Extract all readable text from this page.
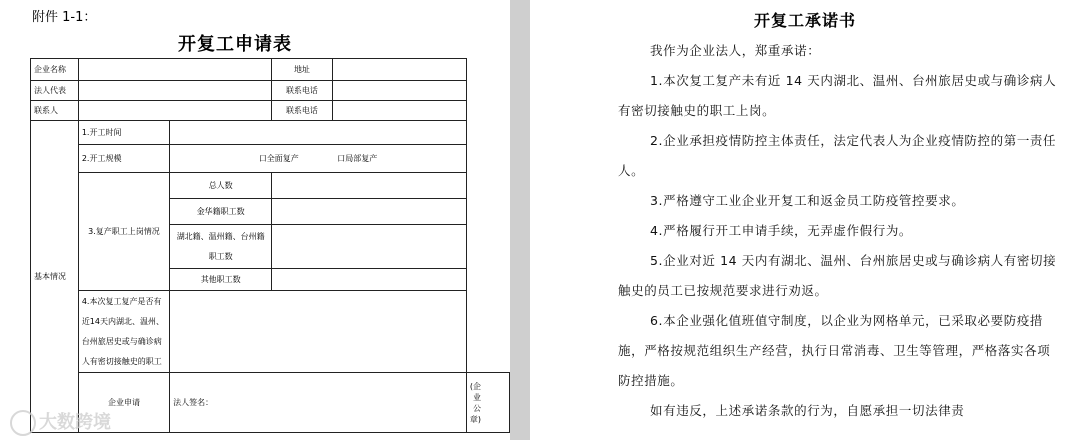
附件 1-1：
开复工申请表
企业名称			地址		
法人代表			联系电话		
联系人			联系电话		
基本情况	1.开工时间				
	2.开工规模	口全面复产 口局部复产			
	3.复产职工上岗情况	总人数			
		金华籍职工数			
		湖北籍、温州籍、台州籍职工数			
		其他职工数			
	4.本次复工复产是否有近14天内湖北、温州、台州旅居史或与确诊病人有密切接触史的职工				
	企业申请	法人签名：			(企业公章)
大数跨境
开复工承诺书
我作为企业法人，郑重承诺：
1.本次复工复产未有近 14 天内湖北、温州、台州旅居史或与确诊病人有密切接触史的职工上岗。
2.企业承担疫情防控主体责任，法定代表人为企业疫情防控的第一责任人。
3.严格遵守工业企业开复工和返金员工防疫管控要求。
4.严格履行开工申请手续，无弄虚作假行为。
5.企业对近 14 天内有湖北、温州、台州旅居史或与确诊病人有密切接触史的员工已按规范要求进行劝返。
6.本企业强化值班值守制度，以企业为网格单元，已采取必要防疫措施，严格按规范组织生产经营，执行日常消毒、卫生等管理，严格落实各项防控措施。
如有违反，上述承诺条款的行为，自愿承担一切法律责
